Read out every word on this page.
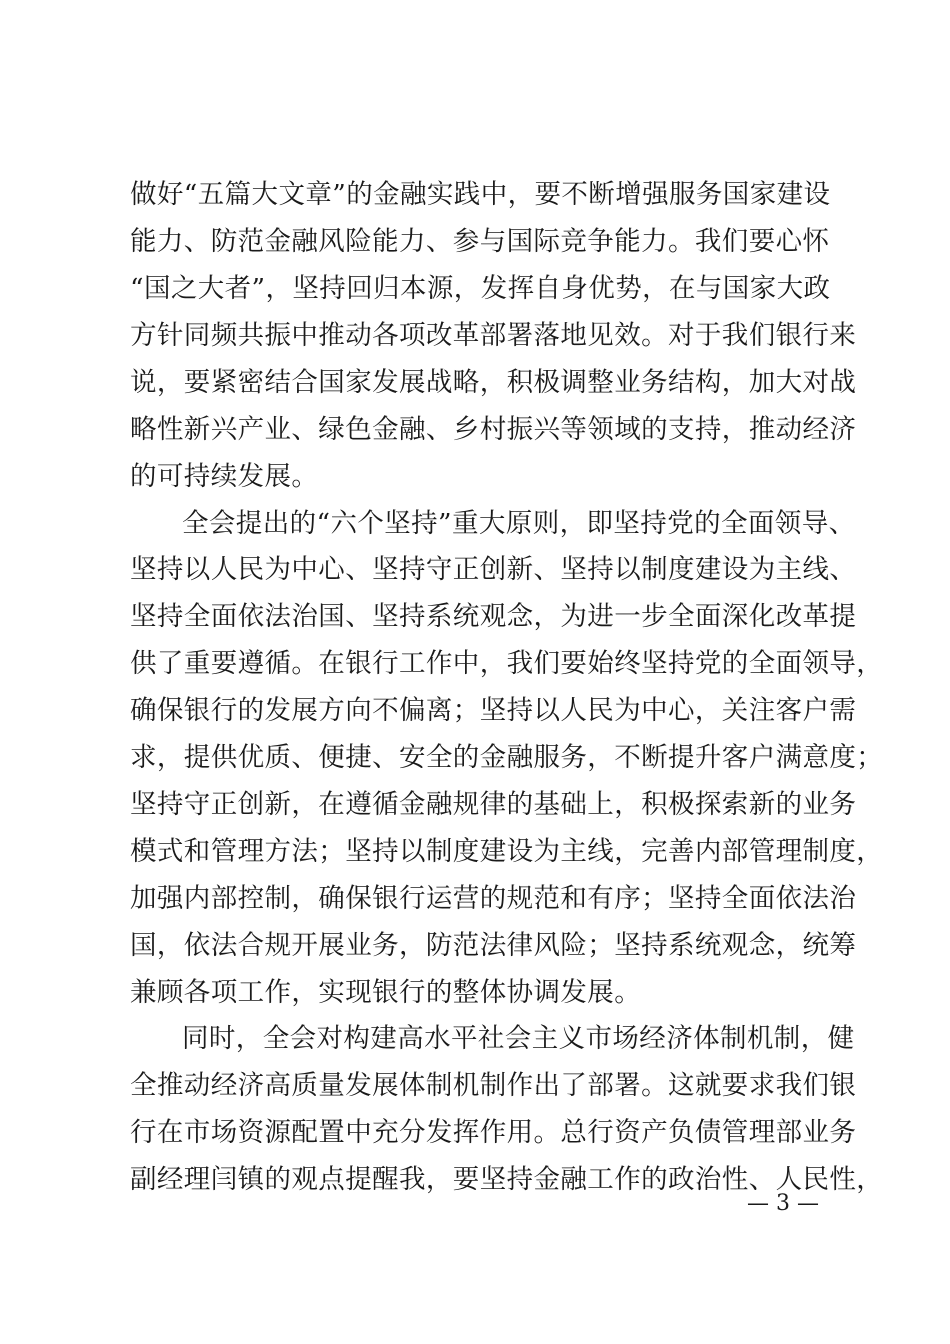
做好“五篇大文章”的金融实践中，要不断增强服务国家建设
能力、防范金融风险能力、参与国际竞争能力。我们要心怀
“国之大者”，坚持回归本源，发挥自身优势，在与国家大政
方针同频共振中推动各项改革部署落地见效。对于我们银行来
说，要紧密结合国家发展战略，积极调整业务结构，加大对战
略性新兴产业、绿色金融、乡村振兴等领域的支持，推动经济
的可持续发展。
全会提出的“六个坚持”重大原则，即坚持党的全面领导、
坚持以人民为中心、坚持守正创新、坚持以制度建设为主线、
坚持全面依法治国、坚持系统观念，为进一步全面深化改革提
供了重要遵循。在银行工作中，我们要始终坚持党的全面领导，
确保银行的发展方向不偏离；坚持以人民为中心，关注客户需
求，提供优质、便捷、安全的金融服务，不断提升客户满意度；
坚持守正创新，在遵循金融规律的基础上，积极探索新的业务
模式和管理方法；坚持以制度建设为主线，完善内部管理制度，
加强内部控制，确保银行运营的规范和有序；坚持全面依法治
国，依法合规开展业务，防范法律风险；坚持系统观念，统筹
兼顾各项工作，实现银行的整体协调发展。
同时，全会对构建高水平社会主义市场经济体制机制，健
全推动经济高质量发展体制机制作出了部署。这就要求我们银
行在市场资源配置中充分发挥作用。总行资产负债管理部业务
副经理闫镇的观点提醒我，要坚持金融工作的政治性、人民性，
— 3 —
